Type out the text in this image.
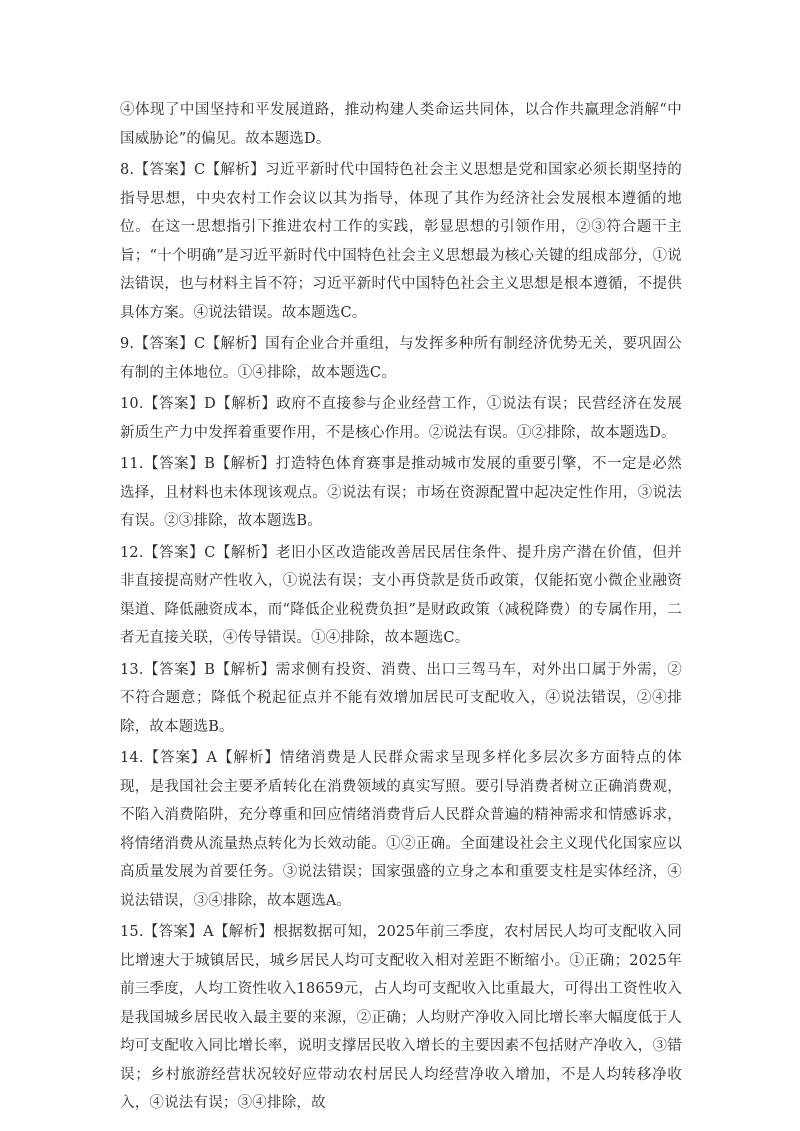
④体现了中国坚持和平发展道路，推动构建人类命运共同体，以合作共赢理念消解“中国威胁论”的偏见。故本题选D。

8.【答案】C【解析】习近平新时代中国特色社会主义思想是党和国家必须长期坚持的指导思想，中央农村工作会议以其为指导，体现了其作为经济社会发展根本遵循的地位。在这一思想指引下推进农村工作的实践，彰显思想的引领作用，②③符合题干主旨；“十个明确”是习近平新时代中国特色社会主义思想最为核心关键的组成部分，①说法错误，也与材料主旨不符；习近平新时代中国特色社会主义思想是根本遵循，不提供具体方案。④说法错误。故本题选C。

9.【答案】C【解析】国有企业合并重组，与发挥多种所有制经济优势无关，要巩固公有制的主体地位。①④排除，故本题选C。

10.【答案】D【解析】政府不直接参与企业经营工作，①说法有误；民营经济在发展新质生产力中发挥着重要作用，不是核心作用。②说法有误。①②排除，故本题选D。

11.【答案】B【解析】打造特色体育赛事是推动城市发展的重要引擎，不一定是必然选择，且材料也未体现该观点。②说法有误；市场在资源配置中起决定性作用，③说法有误。②③排除，故本题选B。

12.【答案】C【解析】老旧小区改造能改善居民居住条件、提升房产潜在价值，但并非直接提高财产性收入，①说法有误；支小再贷款是货币政策，仅能拓宽小微企业融资渠道、降低融资成本，而“降低企业税费负担”是财政政策（减税降费）的专属作用，二者无直接关联，④传导错误。①④排除，故本题选C。

13.【答案】B【解析】需求侧有投资、消费、出口三驾马车，对外出口属于外需，②不符合题意；降低个税起征点并不能有效增加居民可支配收入，④说法错误，②④排除，故本题选B。

14.【答案】A【解析】情绪消费是人民群众需求呈现多样化多层次多方面特点的体现，是我国社会主要矛盾转化在消费领域的真实写照。要引导消费者树立正确消费观，不陷入消费陷阱，充分尊重和回应情绪消费背后人民群众普遍的精神需求和情感诉求，将情绪消费从流量热点转化为长效动能。①②正确。全面建设社会主义现代化国家应以高质量发展为首要任务。③说法错误；国家强盛的立身之本和重要支柱是实体经济，④说法错误，③④排除，故本题选A。

15.【答案】A【解析】根据数据可知，2025年前三季度，农村居民人均可支配收入同比增速大于城镇居民，城乡居民人均可支配收入相对差距不断缩小。①正确；2025年前三季度，人均工资性收入18659元，占人均可支配收入比重最大，可得出工资性收入是我国城乡居民收入最主要的来源，②正确；人均财产净收入同比增长率大幅度低于人均可支配收入同比增长率，说明支撑居民收入增长的主要因素不包括财产净收入，③错误；乡村旅游经营状况较好应带动农村居民人均经营净收入增加，不是人均转移净收入，④说法有误；③④排除，故
